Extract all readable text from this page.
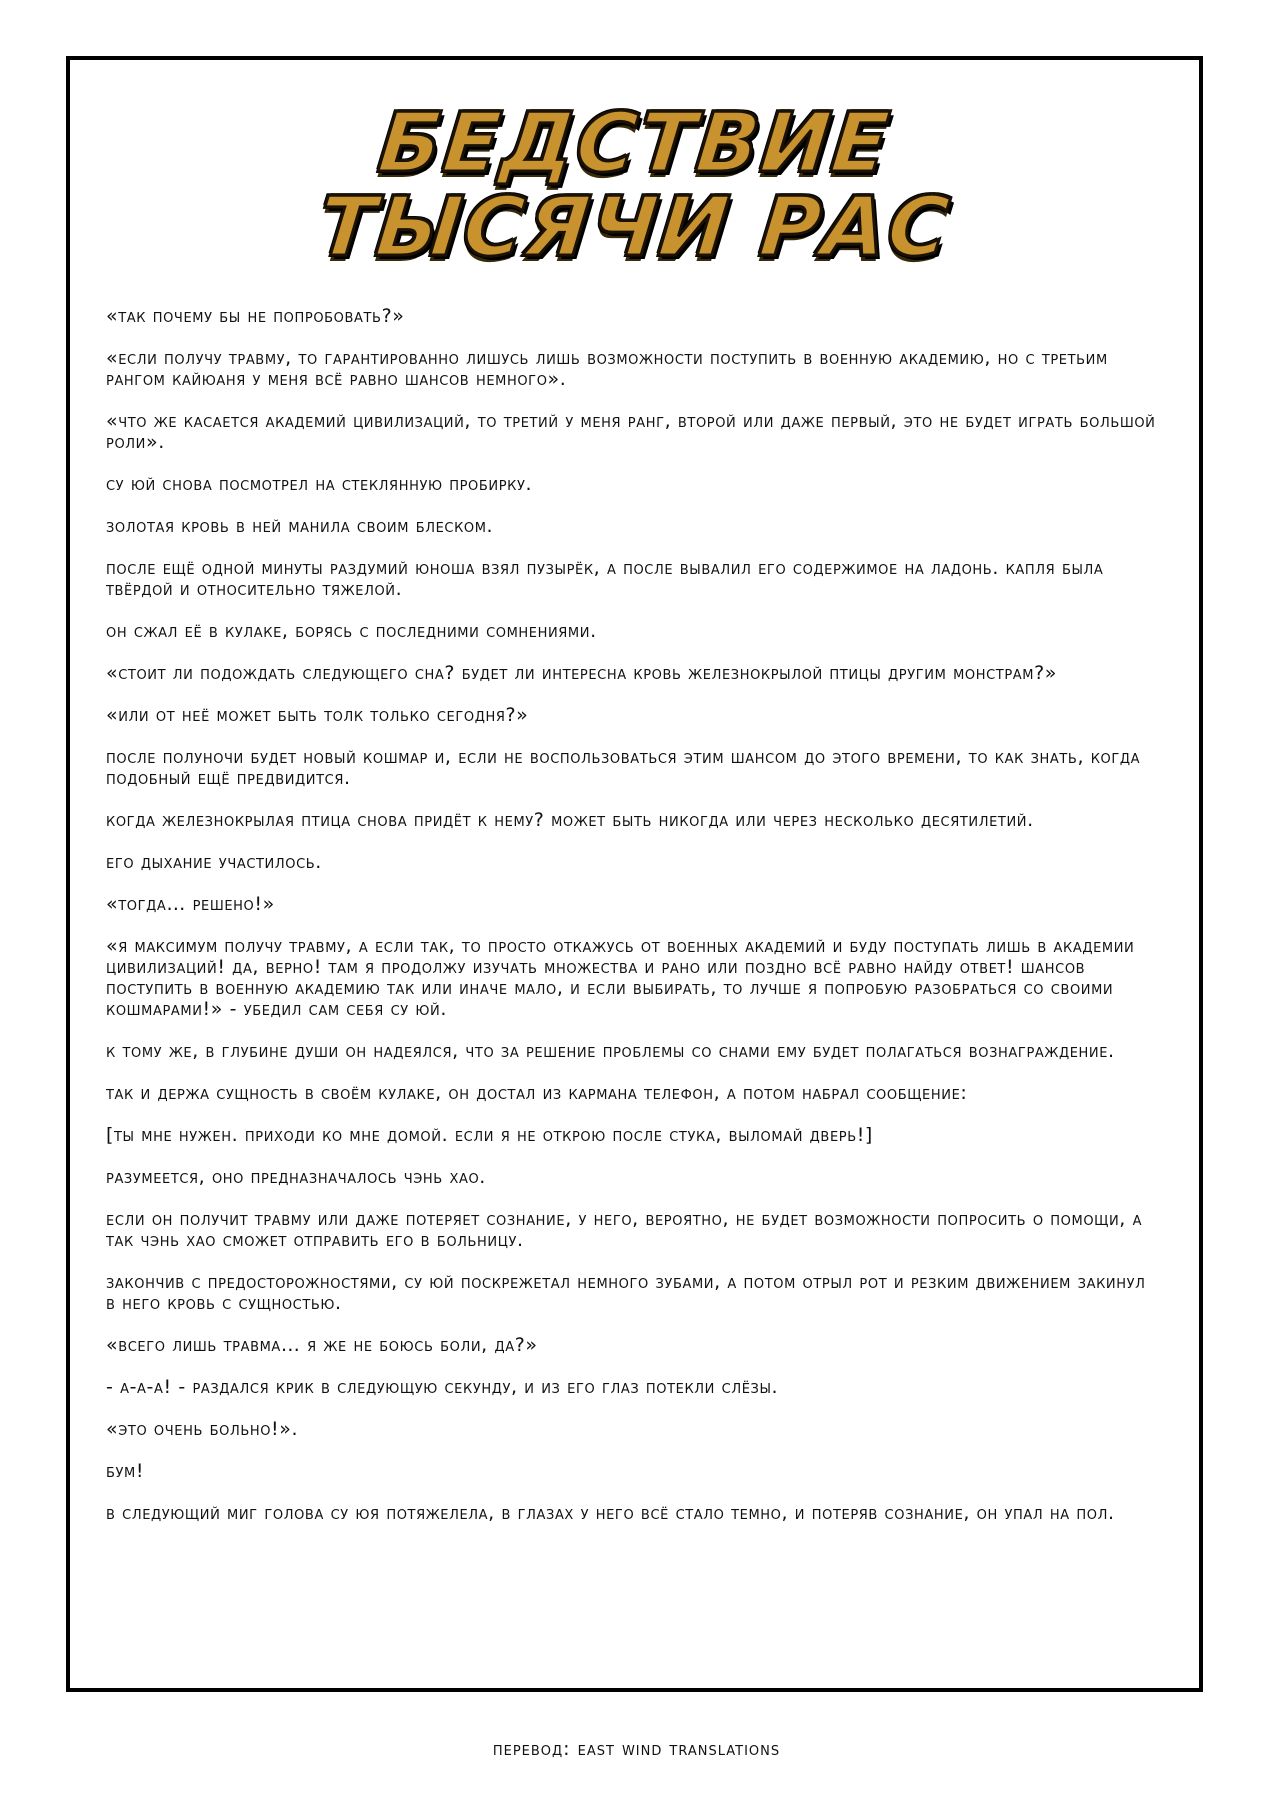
БЕДСТВИЕ
ТЫСЯЧИ РАС

«так почему бы не попробовать?»

«если получу травму, то гарантированно лишусь лишь возможности поступить в военную академию, но с третьим рангом кайюаня у меня всё равно шансов немного».

«что же касается академий цивилизаций, то третий у меня ранг, второй или даже первый, это не будет играть большой роли».

су юй снова посмотрел на стеклянную пробирку.

золотая кровь в ней манила своим блеском.

после ещё одной минуты раздумий юноша взял пузырёк, а после вывалил его содержимое на ладонь. капля была твёрдой и относительно тяжелой.

он сжал её в кулаке, борясь с последними сомнениями.

«стоит ли подождать следующего сна? будет ли интересна кровь железнокрылой птицы другим монстрам?»

«или от неё может быть толк только сегодня?»

после полуночи будет новый кошмар и, если не воспользоваться этим шансом до этого времени, то как знать, когда подобный ещё предвидится.

когда железнокрылая птица снова придёт к нему? может быть никогда или через несколько десятилетий.

его дыхание участилось.

«тогда… решено!»

«я максимум получу травму, а если так, то просто откажусь от военных академий и буду поступать лишь в академии цивилизаций! да, верно! там я продолжу изучать множества и рано или поздно всё равно найду ответ! шансов поступить в военную академию так или иначе мало, и если выбирать, то лучше я попробую разобраться со своими кошмарами!» - убедил сам себя су юй.

к тому же, в глубине души он надеялся, что за решение проблемы со снами ему будет полагаться вознаграждение.

так и держа сущность в своём кулаке, он достал из кармана телефон, а потом набрал сообщение:

[ты мне нужен. приходи ко мне домой. если я не открою после стука, выломай дверь!]

разумеется, оно предназначалось чэнь хао.

если он получит травму или даже потеряет сознание, у него, вероятно, не будет возможности попросить о помощи, а так чэнь хао сможет отправить его в больницу.

закончив с предосторожностями, су юй поскрежетал немного зубами, а потом отрыл рот и резким движением закинул в него кровь с сущностью.

«всего лишь травма… я же не боюсь боли, да?»

- а-а-а! - раздался крик в следующую секунду, и из его глаз потекли слёзы.

«это очень больно!».

бум!

в следующий миг голова су юя потяжелела, в глазах у него всё стало темно, и потеряв сознание, он упал на пол.

перевод: east wind translations
